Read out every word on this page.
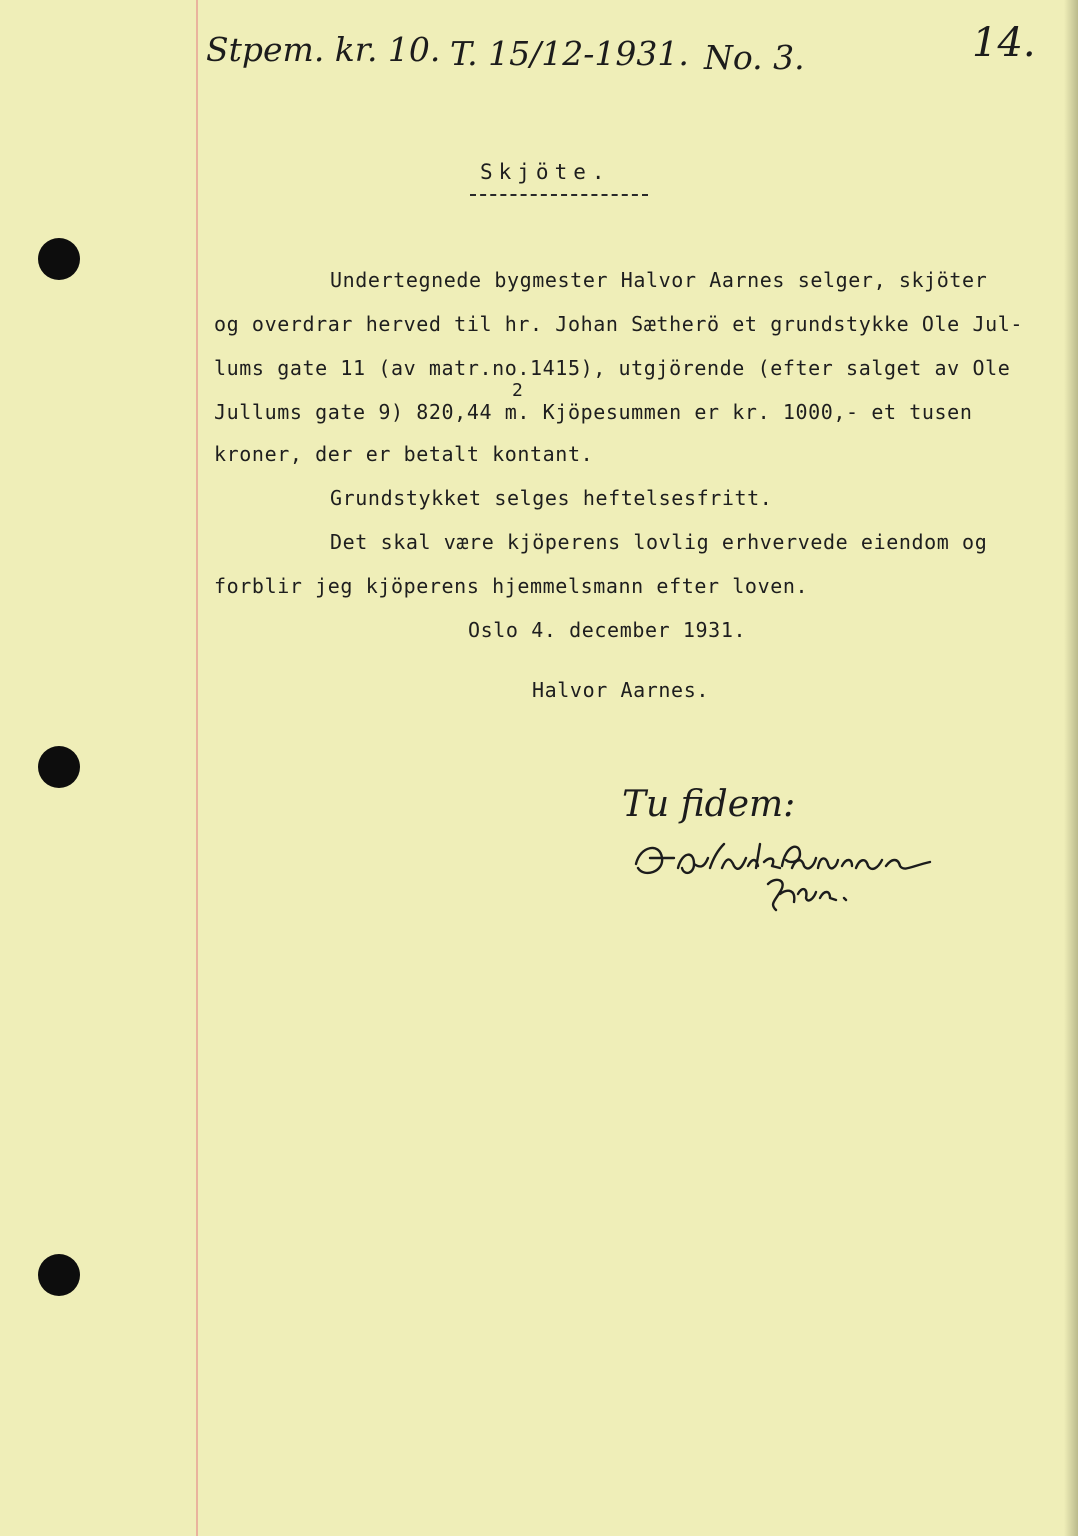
Stpem. kr. 10. T. 15/12-1931. No. 3.	14.
Skjöte.
Undertegnede bygmester Halvor Aarnes selger, skjöter
og overdrar herved til hr. Johan Sætherö et grundstykke Ole Jul-
lums gate 11 (av matr.no.1415), utgjörende (efter salget av Ole
2
Jullums gate 9) 820,44 m. Kjöpesummen er kr. 1000,- et tusen
kroner, der er betalt kontant.
Grundstykket selges heftelsesfritt.
Det skal være kjöperens lovlig erhvervede eiendom og
forblir jeg kjöperens hjemmelsmann efter loven.
Oslo 4. december 1931.
Halvor Aarnes.
Tu fidem:
